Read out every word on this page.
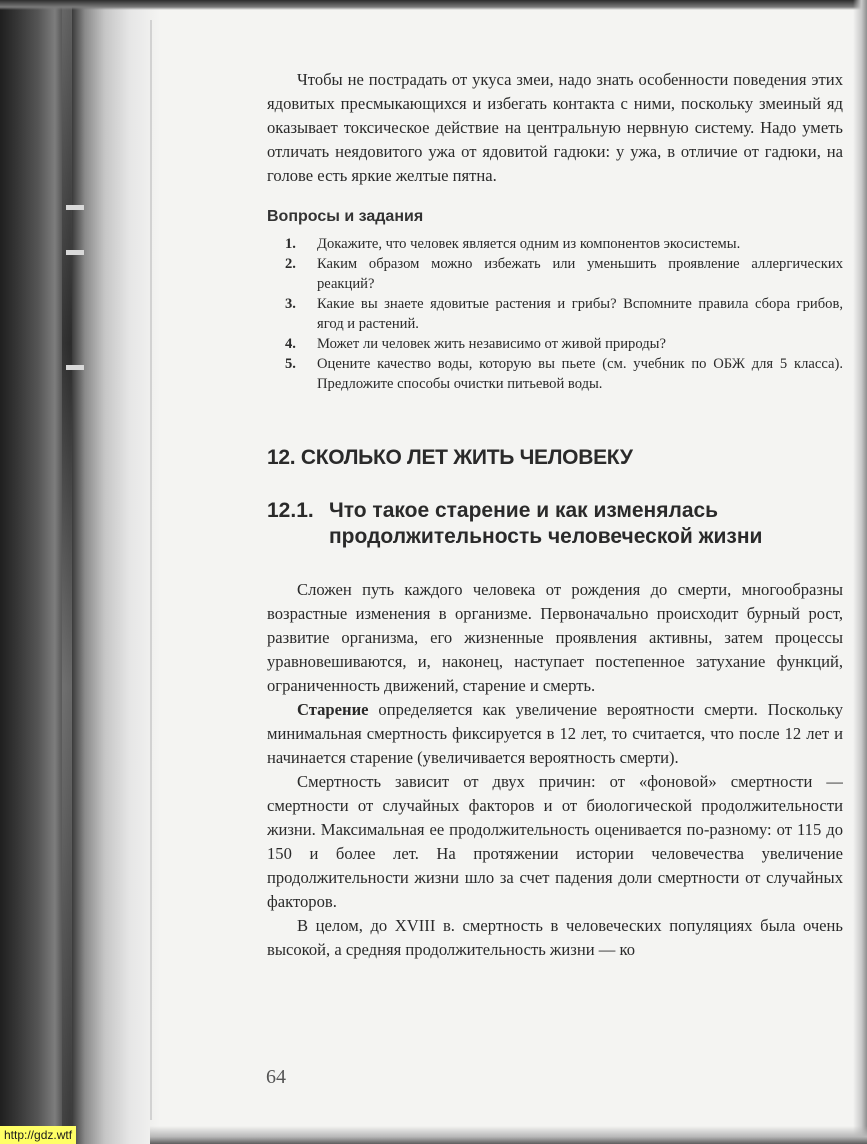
Чтобы не пострадать от укуса змеи, надо знать особенности поведения этих ядовитых пресмыкающихся и избегать контакта с ними, поскольку змеиный яд оказывает токсическое действие на центральную нервную систему. Надо уметь отличать неядовитого ужа от ядовитой гадюки: у ужа, в отличие от гадюки, на голове есть яркие желтые пятна.

Вопросы и задания
1. Докажите, что человек является одним из компонентов экосистемы.
2. Каким образом можно избежать или уменьшить проявление аллергических реакций?
3. Какие вы знаете ядовитые растения и грибы? Вспомните правила сбора грибов, ягод и растений.
4. Может ли человек жить независимо от живой природы?
5. Оцените качество воды, которую вы пьете (см. учебник по ОБЖ для 5 класса). Предложите способы очистки питьевой воды.
12. СКОЛЬКО ЛЕТ ЖИТЬ ЧЕЛОВЕКУ
12.1. Что такое старение и как изменялась
продолжительность человеческой жизни

Сложен путь каждого человека от рождения до смерти, многообразны возрастные изменения в организме. Первоначально происходит бурный рост, развитие организма, его жизненные проявления активны, затем процессы уравновешиваются, и, наконец, наступает постепенное затухание функций, ограниченность движений, старение и смерть.

Старение определяется как увеличение вероятности смерти. Поскольку минимальная смертность фиксируется в 12 лет, то считается, что после 12 лет и начинается старение (увеличивается вероятность смерти).

Смертность зависит от двух причин: от «фоновой» смертности — смертности от случайных факторов и от биологической продолжительности жизни. Максимальная ее продолжительность оценивается по-разному: от 115 до 150 и более лет. На протяжении истории человечества увеличение продолжительности жизни шло за счет падения доли смертности от случайных факторов.

В целом, до XVIII в. смертность в человеческих популяциях была очень высокой, а средняя продолжительность жизни — ко

64
http://gdz.wtf
